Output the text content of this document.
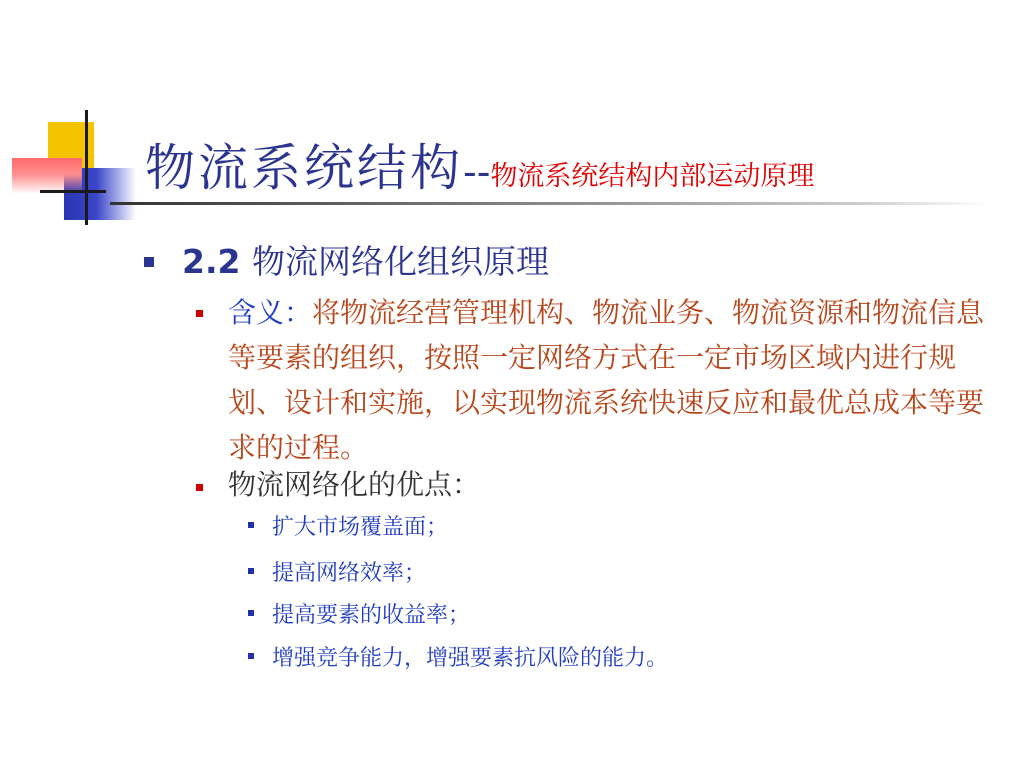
物流系统结构--物流系统结构内部运动原理
2.2 物流网络化组织原理
含义：将物流经营管理机构、物流业务、物流资源和物流信息等要素的组织，按照一定网络方式在一定市场区域内进行规划、设计和实施，以实现物流系统快速反应和最优总成本等要求的过程。
物流网络化的优点：
扩大市场覆盖面；
提高网络效率；
提高要素的收益率；
增强竞争能力，增强要素抗风险的能力。
